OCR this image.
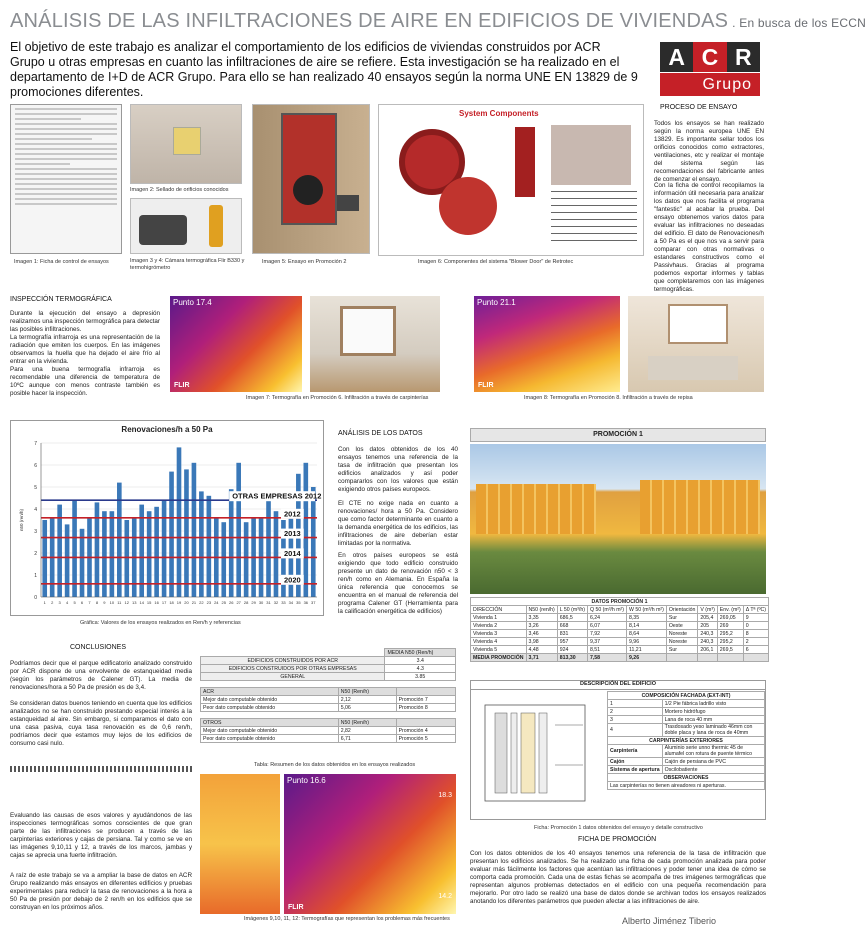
ANÁLISIS DE LAS INFILTRACIONES DE AIRE EN EDIFICIOS DE VIVIENDAS . En busca de los ECCN
El objetivo de este trabajo es analizar el comportamiento de los edificios de viviendas construidos por ACR Grupo u otras empresas en cuanto las infiltraciones de aire se refiere. Esta investigación se ha realizado en el departamento de I+D de ACR Grupo. Para ello se han realizado 40 ensayos según la norma UNE EN 13829 de 9 promociones diferentes.
A C R
Grupo
Imagen 1: Ficha de control de ensayos
Imagen 2: Sellado de orificios conocidos
Imagen 3 y 4: Cámara termográfica Flir B330 y termohigrómetro
Imagen 5: Ensayo en Promoción 2
System Components
Imagen 6: Componentes del sistema "Blower Door" de Retrotec
PROCESO DE ENSAYO
Todos los ensayos se han realizado según la norma europea UNE EN 13829. Es importante sellar todos los orificios conocidos como extractores, ventilaciones, etc y realizar el montaje del sistema según las recomendaciones del fabricante antes de comenzar el ensayo.
Con la ficha de control recopilamos la información útil necesaria para analizar los datos que nos facilita el programa "fantestic" al acabar la prueba. Del ensayo obtenemos varios datos para evaluar las infiltraciones no deseadas del edificio. El dato de Renovaciones/h a 50 Pa es el que nos va a servir para comparar con otras normativas o estandares constructivos como el Passivhaus. Gracias al programa podemos exportar informes y tablas que completaremos con las imágenes termográficas.
INSPECCIÓN TERMOGRÁFICA
Durante la ejecución del ensayo a depresión realizamos una inspección termográfica para detectar las posibles infiltraciones.
La termografía infrarroja es una representación de la radiación que emiten los cuerpos. En las imágenes observamos la huella que ha dejado el aire frío al entrar en la vivienda.
Para una buena termografía infrarroja es recomendable una diferencia de temperatura de 10ºC aunque con menos contraste también es posible hacer la inspección.
Punto 17.4
FLIR
Imagen 7: Termografía en Promoción 6. Infiltración a través de carpinterías
Punto 21.1
FLIR
Imagen 8: Termografía en Promoción 8. Infiltración a través de repisa
Renovaciones/h a 50 Pa
0
1
2
3
4
5
6
7
n50 (ren/h)
1 2 3 4 5 6 7 8 9 10 11 12 13 14 15 16 17 18 19 20 21 22 23 24 25 26 27 28 29 30 31 32 33 34 35 36 37
OTRAS EMPRESAS 2012
2012
2013
2014
2020
Gráfica: Valores de los ensayos realizados en Ren/h y referencias
ANÁLISIS DE LOS DATOS
Con los datos obtenidos de los 40 ensayos tenemos una referencia de la tasa de infiltración que presentan los edificios analizados y así poder compararlos con los valores que están exigiendo otros países europeos.
El CTE no exige nada en cuanto a renovaciones/ hora a 50 Pa. Considero que como factor determinante en cuanto a la demanda energética de los edificios, las infiltraciones de aire deberían estar limitadas por la normativa.
En otros países europeos se está exigiendo que todo edificio construido presente un dato de renovación n50 < 3 ren/h como en Alemania. En España la única referencia que conocemos se encuentra en el manual de referencia del programa Calener GT (Herramienta para la calificación energética de edificios)
PROMOCIÓN 1
DATOS PROMOCIÓN 1								
DIRECCIÓN	N50 (ren/h)	L 50 (m³/h)	Q 50 (m³/h m²)	W 50 (m³/h m²)	Orientación	V (m³)	Env. (m²)	Δ Tª (ºC)
Vivienda 1	3,35	686,5	6,24	8,35	Sur	205,4	269,05	9
Vivienda 2	3,26	668	6,07	8,14	Oeste	205	269	0
Vivienda 3	3,46	831	7,92	8,64	Noreste	240,3	295,2	8
Vivienda 4	3,98	957	9,37	9,96	Noreste	240,3	295,2	2
Vivienda 5	4,48	924	8,51	11,21	Sur	206,1	269,5	6
MEDIA PROMOCIÓN	3,71	813,30	7,58	9,26				
DESCRIPCIÓN DEL EDIFICIO
COMPOSICIÓN FACHADA (EXT-INT)	
1	1/2 Pie fábrica ladrillo visto
2	Mortero hidrófugo
3	Lana de roca 40 mm
4	Trasdosado yeso laminado 46mm con doble placa y lana de roca de 40mm
CARPINTERÍAS EXTERIORES	
Carpintería	Aluminio serie unno thermic 45 de alumafel con rotura de puente térmico
Cajón	Cajón de persiana de PVC
Sistema de apertura	Oscilobatiente
OBSERVACIONES	
Las carpinterías no tienen aireadores ni aperturas.	
Ficha: Promoción 1 datos obtenidos del ensayo y detalle constructivo
FICHA DE PROMOCIÓN
Con los datos obtenidos de los 40 ensayos tenemos una referencia de la tasa de infiltración que presentan los edificios analizados. Se ha realizado una ficha de cada promoción analizada para poder evaluar más fácilmente los factores que acentúan las infiltraciones y poder tener una idea de cómo se comporta cada promoción. Cada una de estas fichas se acompaña de tres imágenes termográficas que representan algunos problemas detectados en el edificio con una pequeña recomendación para mejorarlo. Por otro lado se realizó una base de datos donde se archivan todos los ensayos realizados anotando los diferentes parámetros que pueden afectar a las infiltraciones de aire.
CONCLUSIONES
Podríamos decir que el parque edificatorio analizado construido por ACR dispone de una envolvente de estanqueidad media (según los parámetros de Calener GT). La media de renovaciones/hora a 50 Pa de presión es de 3,4.
Se consideran datos buenos teniendo en cuenta que los edificios analizados no se han construido prestando especial interés a la estanqueidad al aire. Sin embargo, si comparamos el dato con una casa pasiva, cuya tasa renovación es de 0,6 ren/h, podríamos decir que estamos muy lejos de los edificios de consumo casi nulo.
Evaluando las causas de esos valores y ayudándonos de las inspecciones termográficas somos conscientes de que gran parte de las infiltraciones se producen a través de las carpinterías exteriores y cajas de persiana. Tal y como se ve en las imágenes 9,10,11 y 12, a través de los marcos, jambas y cajas se aprecia una fuerte infiltración.
A raíz de este trabajo se va a ampliar la base de datos en ACR Grupo realizando más ensayos en diferentes edificios y pruebas experimentales para reducir la tasa de renovaciones a la hora a 50 Pa de presión por debajo de 2 ren/h en los edificios que se construyan en los próximos años.
	MEDIA N50 (Ren/h)
EDIFICIOS CONSTRUIDOS POR ACR	3.4
EDIFICIOS CONSTRUIDOS POR OTRAS EMPRESAS	4.3
GENERAL	3.85
ACR	N50 (Ren/h)	
Mejor dato computable obtenido	2,12	Promoción 7
Peor dato computable obtenido	5,06	Promoción 8
OTROS	N50 (Ren/h)	
Mejor dato computable obtenido	2,82	Promoción 4
Peor dato computable obtenido	6,71	Promoción 5
Tabla: Resumen de los datos obtenidos en los ensayos realizados
Punto 16.6
18.3
14.2
FLIR
Imágenes 9,10, 11, 12: Termografías que representan los problemas más frecuentes	Alberto Jiménez Tiberio
